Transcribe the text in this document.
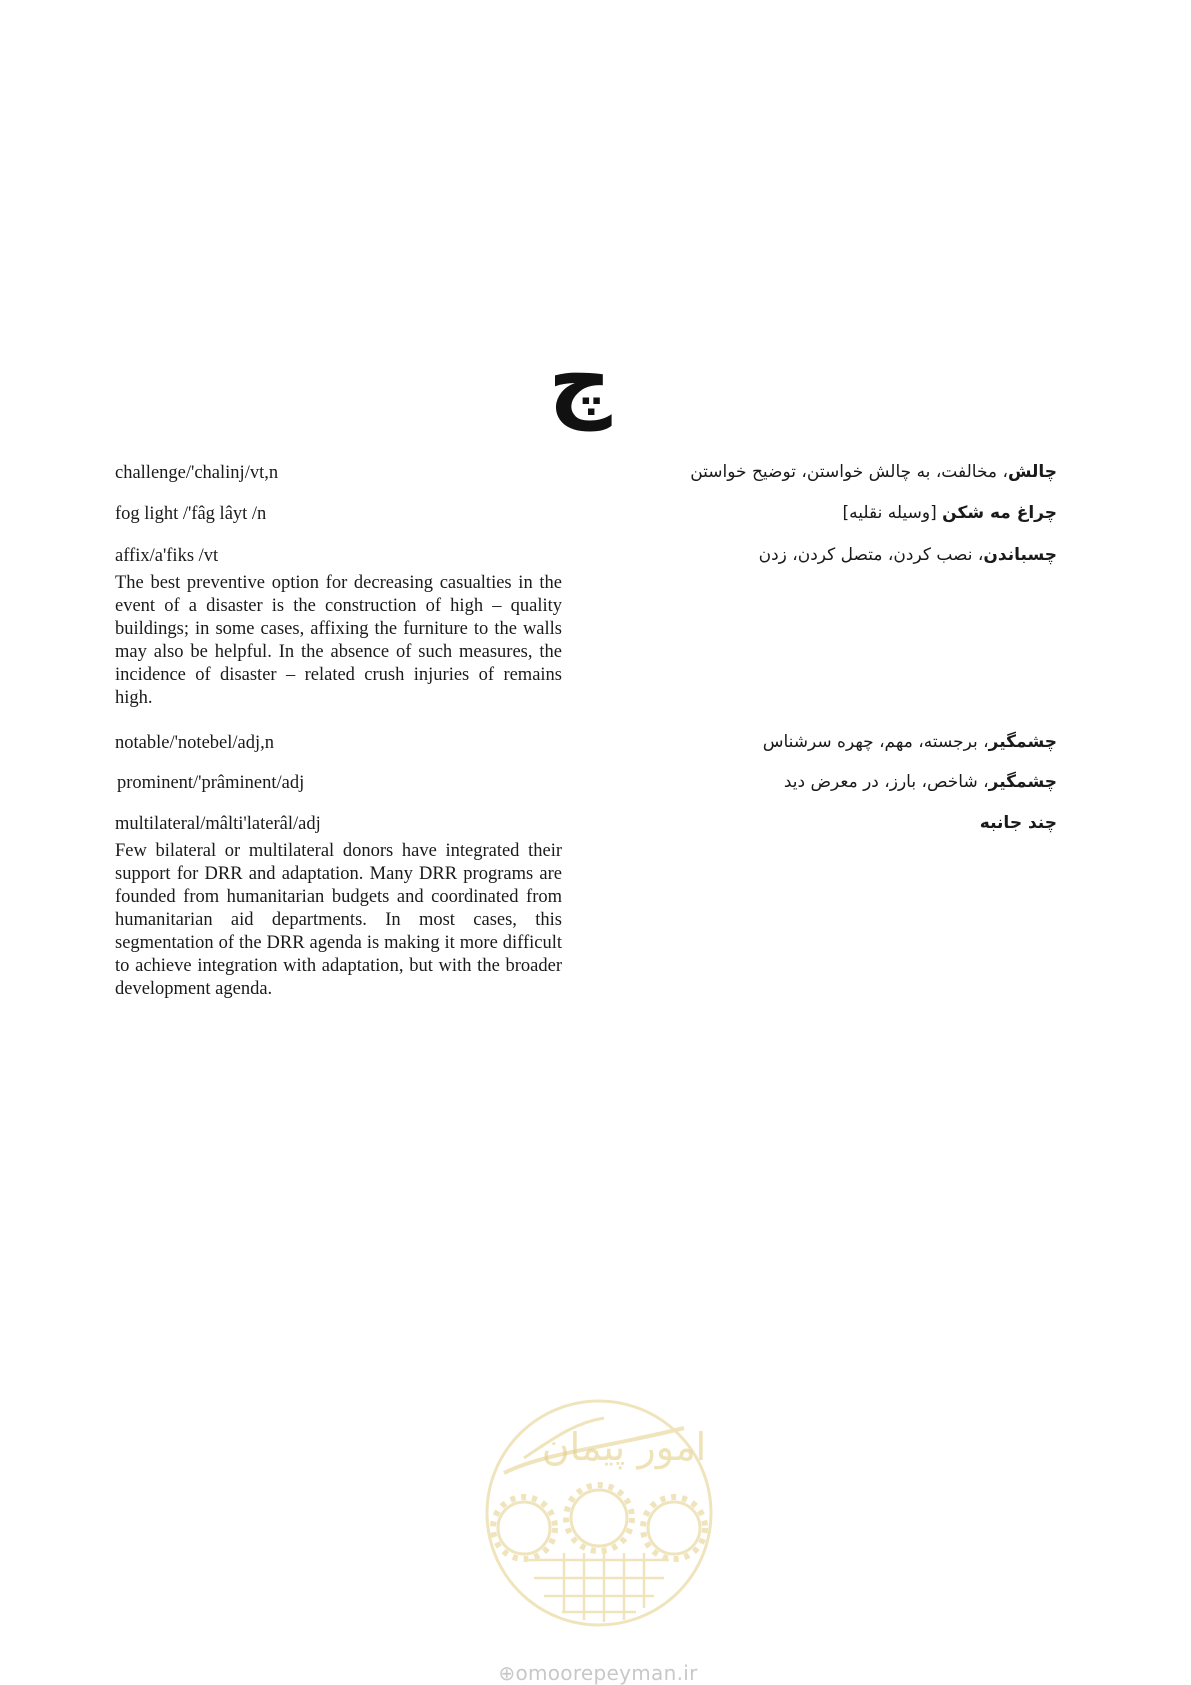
چ
challenge/'chalinj/vt,n	چالش، مخالفت، به چالش خواستن، توضیح خواستن
fog light /'fâg lâyt /n	چراغ مه شکن [وسیله نقلیه]
affix/a'fiks /vt	چسباندن، نصب کردن، متصل کردن، زدن
The best preventive option for decreasing casualties in the event of a disaster is the construction of high – quality buildings; in some cases, affixing the furniture to the walls may also be helpful. In the absence of such measures, the incidence of disaster – related crush injuries of remains high.
notable/'notebel/adj,n	چشمگیر، برجسته، مهم، چهره سرشناس
prominent/'prâminent/adj	چشمگیر، شاخص، بارز، در معرض دید
multilateral/mâlti'laterâl/adj	چند جانبه
Few bilateral or multilateral donors have integrated their support for DRR and adaptation. Many DRR programs are founded from humanitarian budgets and coordinated from humanitarian aid departments. In most cases, this segmentation of the DRR agenda is making it more difficult to achieve integration with adaptation, but with the broader development agenda.
امور پیمان
⊕omoorepeyman.ir
